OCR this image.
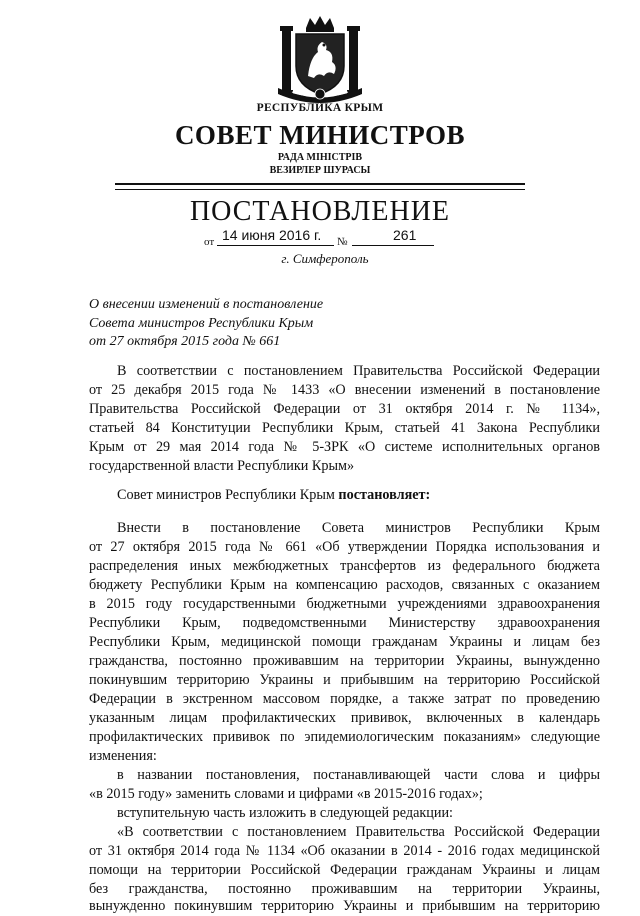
РЕСПУБЛИКА КРЫМ
СОВЕТ МИНИСТРОВ
РАДА МІНІСТРІВ
ВЕЗИРЛЕР ШУРАСЫ
ПОСТАНОВЛЕНИЕ
от 14 июня 2016 г. №	261
г. Симферополь
О внесении изменений в постановление
Совета министров Республики Крым
от 27 октября 2015 года № 661
В соответствии с постановлением Правительства Российской Федерации
от 25 декабря 2015 года № 1433 «О внесении изменений в постановление
Правительства Российской Федерации от 31 октября 2014 г. № 1134»,
статьей 84 Конституции Республики Крым, статьей 41 Закона Республики
Крым от 29 мая 2014 года № 5-ЗРК «О системе исполнительных органов
государственной власти Республики Крым»
Совет министров Республики Крым постановляет:
Внести в постановление Совета министров Республики Крым
от 27 октября 2015 года № 661 «Об утверждении Порядка использования и
распределения иных межбюджетных трансфертов из федерального бюджета
бюджету Республики Крым на компенсацию расходов, связанных с оказанием
в 2015 году государственными бюджетными учреждениями здравоохранения
Республики Крым, подведомственными Министерству здравоохранения
Республики Крым, медицинской помощи гражданам Украины и лицам без
гражданства, постоянно проживавшим на территории Украины, вынужденно
покинувшим территорию Украины и прибывшим на территорию Российской
Федерации в экстренном массовом порядке, а также затрат по проведению
указанным лицам профилактических прививок, включенных в календарь
профилактических прививок по эпидемиологическим показаниям» следующие
изменения:
в названии постановления, постанавливающей части слова и цифры
«в 2015 году» заменить словами и цифрами «в 2015-2016 годах»;
вступительную часть изложить в следующей редакции:
«В соответствии с постановлением Правительства Российской Федерации
от 31 октября 2014 года № 1134 «Об оказании в 2014 - 2016 годах медицинской
помощи на территории Российской Федерации гражданам Украины и лицам
без гражданства, постоянно проживавшим на территории Украины,
вынужденно покинувшим территорию Украины и прибывшим на территорию
